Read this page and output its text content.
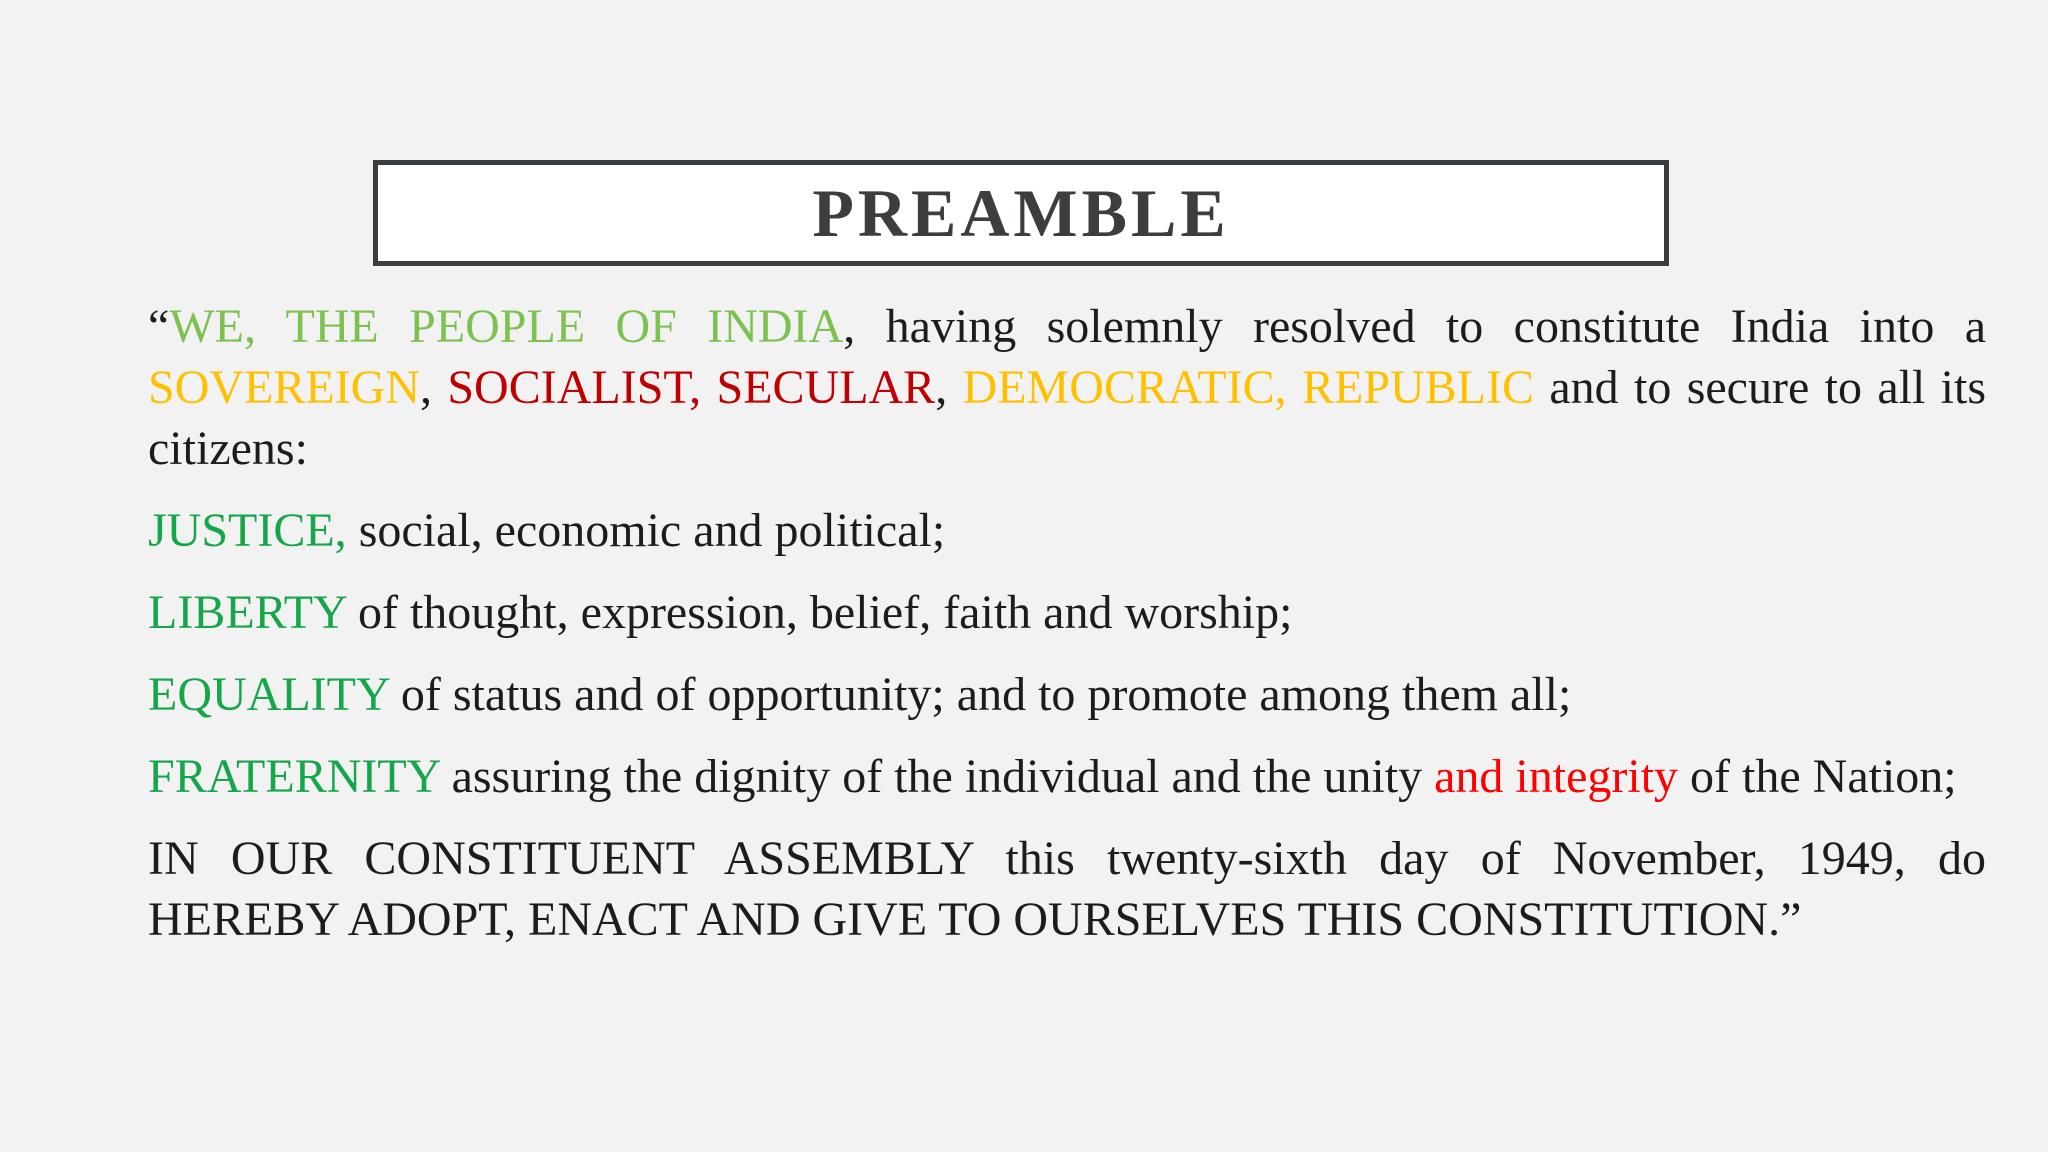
PREAMBLE

“WE, THE PEOPLE OF INDIA, having solemnly resolved to constitute India into a SOVEREIGN, SOCIALIST, SECULAR, DEMOCRATIC, REPUBLIC and to secure to all its citizens:

JUSTICE, social, economic and political;

LIBERTY of thought, expression, belief, faith and worship;

EQUALITY of status and of opportunity; and to promote among them all;

FRATERNITY assuring the dignity of the individual and the unity and integrity of the Nation;

IN OUR CONSTITUENT ASSEMBLY this twenty-sixth day of November, 1949, do HEREBY ADOPT, ENACT AND GIVE TO OURSELVES THIS CONSTITUTION.”
